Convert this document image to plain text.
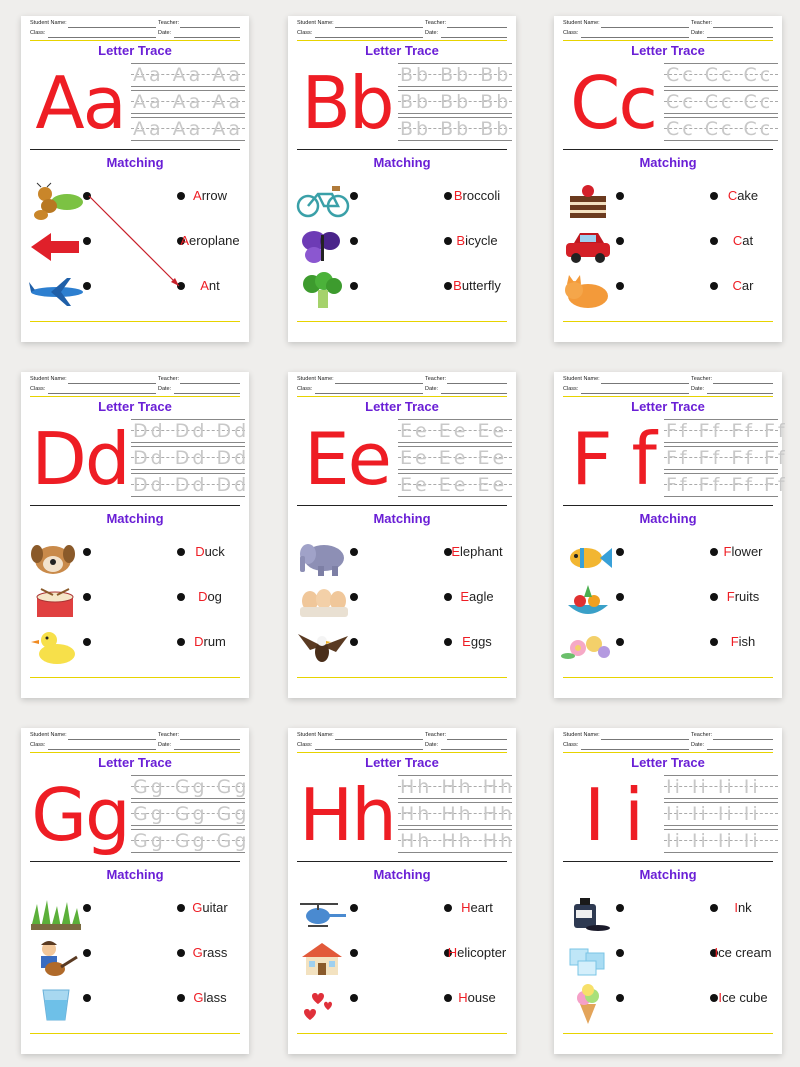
Student Name:	Teacher:
Class:	Date:
Letter Trace
Aa Aa Aa Aa
Aa Aa Aa
Aa Aa Aa
Matching
Arrow
Aeroplane
Ant
Student Name:	Teacher:
Class:	Date:
Letter Trace
Bb Bb Bb Bb
Bb Bb Bb
Bb Bb Bb
Matching
Broccoli
Bicycle
Butterfly
Student Name:	Teacher:
Class:	Date:
Letter Trace
Cc Cc Cc Cc
Cc Cc Cc
Cc Cc Cc
Matching
Cake
Cat
Car
Student Name:	Teacher:
Class:	Date:
Letter Trace
Dd Dd Dd Dd
Dd Dd Dd
Dd Dd Dd
Matching
Duck
Dog
Drum
Student Name:	Teacher:
Class:	Date:
Letter Trace
Ee Ee Ee Ee
Ee Ee Ee
Ee Ee Ee
Matching
Elephant
Eagle
Eggs
Student Name:	Teacher:
Class:	Date:
Letter Trace
F f Ff Ff Ff Ff
Ff Ff Ff Ff
Ff Ff Ff Ff
Matching
Flower
Fruits
Fish
Student Name:	Teacher:
Class:	Date:
Letter Trace
Gg Gg Gg Gg
Gg Gg Gg
Gg Gg Gg
Matching
Guitar
Grass
Glass
Student Name:	Teacher:
Class:	Date:
Letter Trace
Hh Hh Hh Hh
Hh Hh Hh
Hh Hh Hh
Matching
Heart
Helicopter
House
Student Name:	Teacher:
Class:	Date:
Letter Trace
I i	Ii Ii Ii Ii
Ii Ii Ii Ii
Ii Ii Ii Ii
Matching
Ink
Ice cream
Ice cube
